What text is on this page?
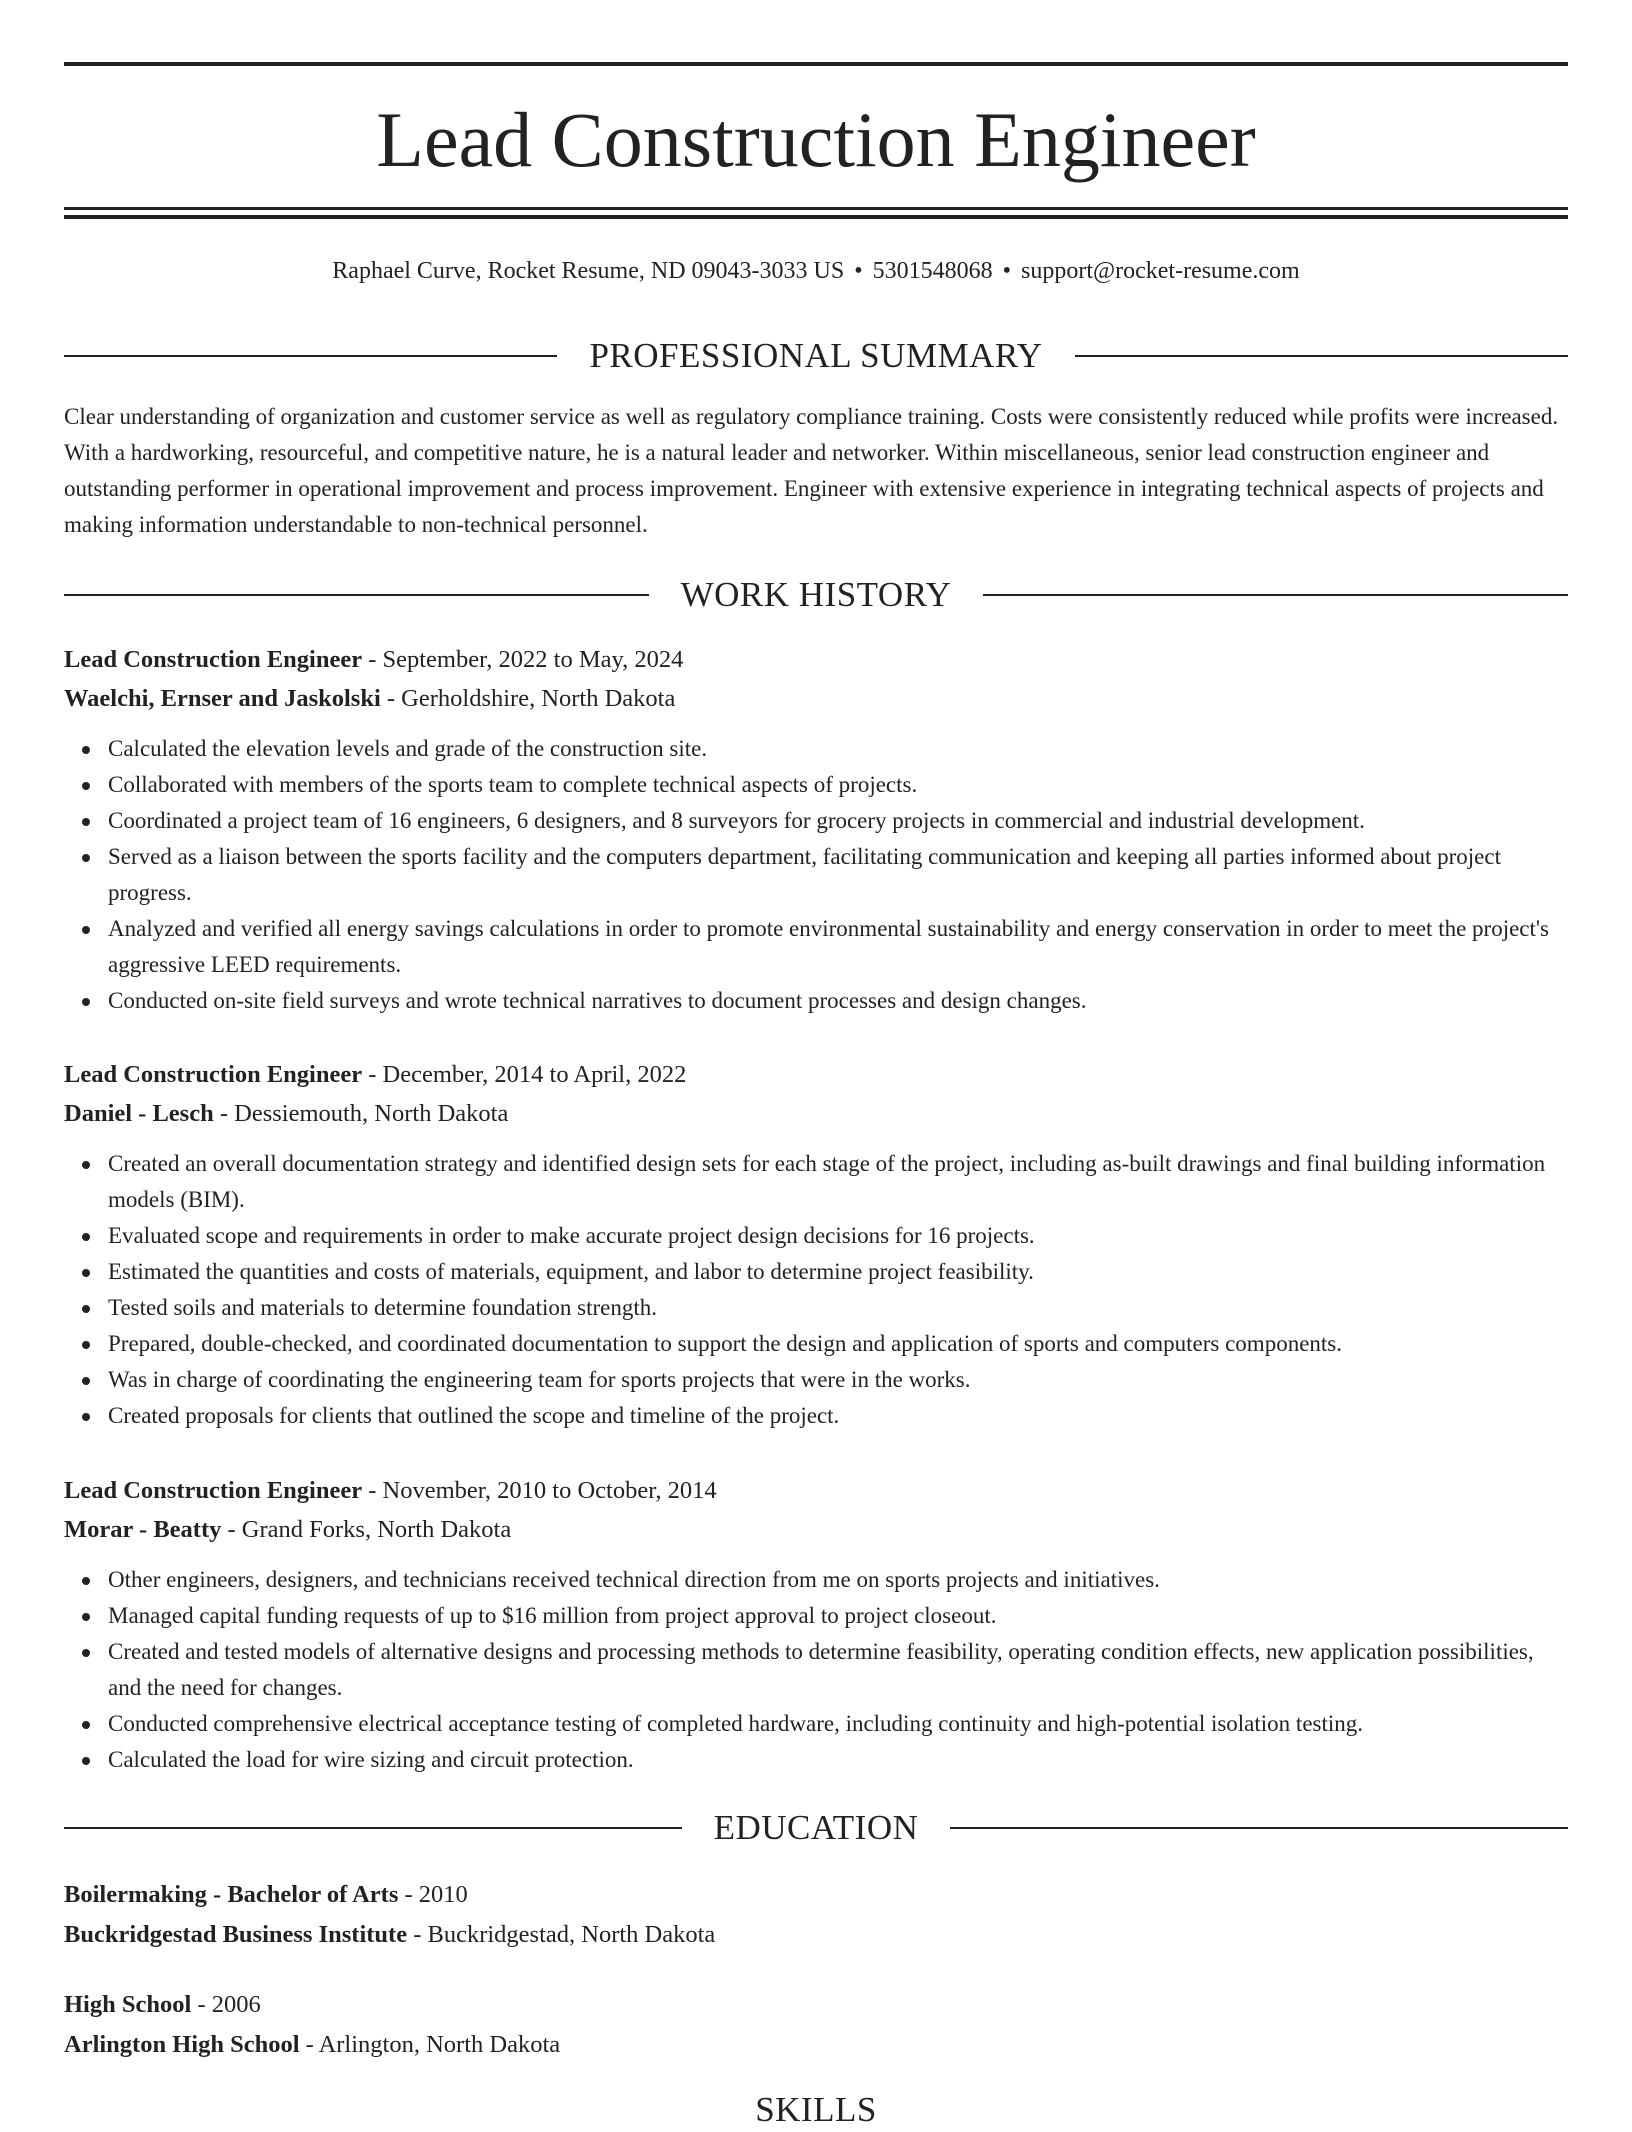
Lead Construction Engineer
Raphael Curve, Rocket Resume, ND 09043-3033 US • 5301548068 • support@rocket-resume.com
PROFESSIONAL SUMMARY

Clear understanding of organization and customer service as well as regulatory compliance training. Costs were consistently reduced while profits were increased. With a hardworking, resourceful, and competitive nature, he is a natural leader and networker. Within miscellaneous, senior lead construction engineer and outstanding performer in operational improvement and process improvement. Engineer with extensive experience in integrating technical aspects of projects and making information understandable to non-technical personnel.

WORK HISTORY
Lead Construction Engineer - September, 2022 to May, 2024
Waelchi, Ernser and Jaskolski - Gerholdshire, North Dakota
Calculated the elevation levels and grade of the construction site.
Collaborated with members of the sports team to complete technical aspects of projects.
Coordinated a project team of 16 engineers, 6 designers, and 8 surveyors for grocery projects in commercial and industrial development.
Served as a liaison between the sports facility and the computers department, facilitating communication and keeping all parties informed about project progress.
Analyzed and verified all energy savings calculations in order to promote environmental sustainability and energy conservation in order to meet the project's aggressive LEED requirements.
Conducted on-site field surveys and wrote technical narratives to document processes and design changes.
Lead Construction Engineer - December, 2014 to April, 2022
Daniel - Lesch - Dessiemouth, North Dakota
Created an overall documentation strategy and identified design sets for each stage of the project, including as-built drawings and final building information models (BIM).
Evaluated scope and requirements in order to make accurate project design decisions for 16 projects.
Estimated the quantities and costs of materials, equipment, and labor to determine project feasibility.
Tested soils and materials to determine foundation strength.
Prepared, double-checked, and coordinated documentation to support the design and application of sports and computers components.
Was in charge of coordinating the engineering team for sports projects that were in the works.
Created proposals for clients that outlined the scope and timeline of the project.
Lead Construction Engineer - November, 2010 to October, 2014
Morar - Beatty - Grand Forks, North Dakota
Other engineers, designers, and technicians received technical direction from me on sports projects and initiatives.
Managed capital funding requests of up to $16 million from project approval to project closeout.
Created and tested models of alternative designs and processing methods to determine feasibility, operating condition effects, new application possibilities, and the need for changes.
Conducted comprehensive electrical acceptance testing of completed hardware, including continuity and high-potential isolation testing.
Calculated the load for wire sizing and circuit protection.
EDUCATION
Boilermaking - Bachelor of Arts - 2010
Buckridgestad Business Institute - Buckridgestad, North Dakota
High School - 2006
Arlington High School - Arlington, North Dakota
SKILLS
